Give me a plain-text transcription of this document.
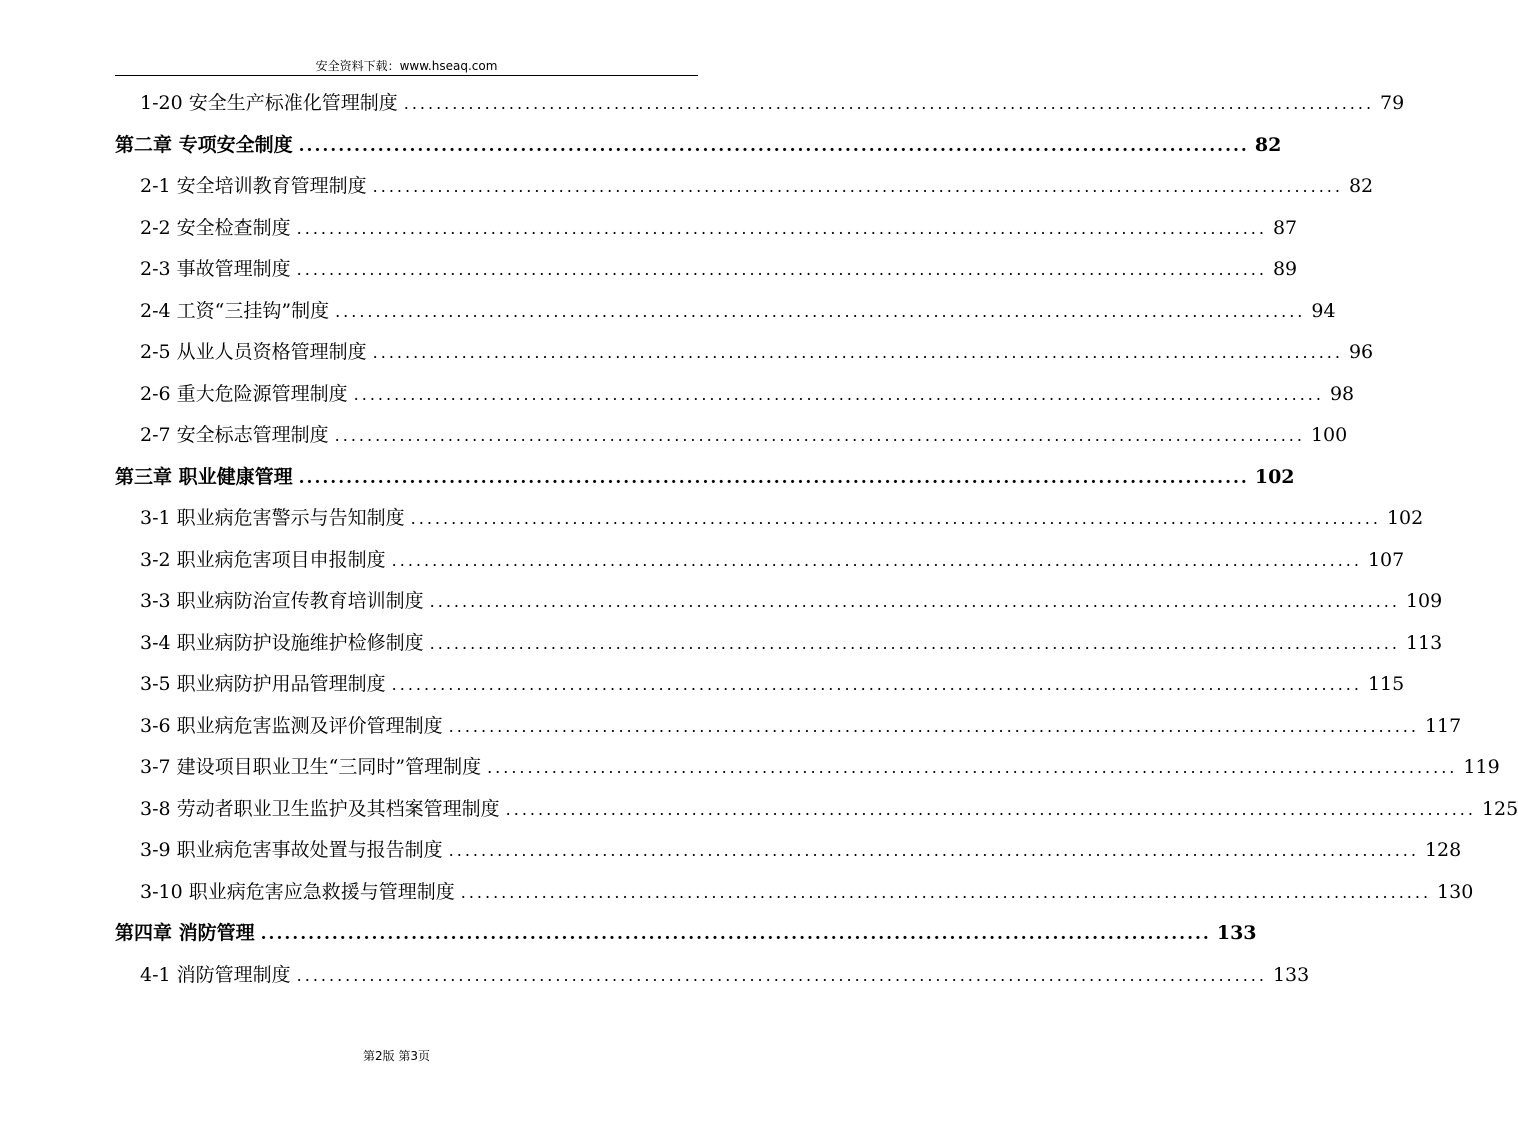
安全资料下载：www.hseaq.com
1-20 安全生产标准化管理制度 ........................................................................................................................ 79
第二章 专项安全制度 ........................................................................................................................ 82
2-1 安全培训教育管理制度 ........................................................................................................................ 82
2-2 安全检查制度 ........................................................................................................................ 87
2-3 事故管理制度 ........................................................................................................................ 89
2-4 工资“三挂钩”制度 ........................................................................................................................ 94
2-5 从业人员资格管理制度 ........................................................................................................................ 96
2-6 重大危险源管理制度 ........................................................................................................................ 98
2-7 安全标志管理制度 ........................................................................................................................ 100
第三章 职业健康管理 ........................................................................................................................ 102
3-1 职业病危害警示与告知制度 ........................................................................................................................ 102
3-2 职业病危害项目申报制度 ........................................................................................................................ 107
3-3 职业病防治宣传教育培训制度 ........................................................................................................................ 109
3-4 职业病防护设施维护检修制度 ........................................................................................................................ 113
3-5 职业病防护用品管理制度 ........................................................................................................................ 115
3-6 职业病危害监测及评价管理制度 ........................................................................................................................ 117
3-7 建设项目职业卫生“三同时”管理制度 ........................................................................................................................ 119
3-8 劳动者职业卫生监护及其档案管理制度 ........................................................................................................................ 125
3-9 职业病危害事故处置与报告制度 ........................................................................................................................ 128
3-10 职业病危害应急救援与管理制度 ........................................................................................................................ 130
第四章 消防管理 ........................................................................................................................ 133
4-1 消防管理制度 ........................................................................................................................ 133
第2版 第3页
